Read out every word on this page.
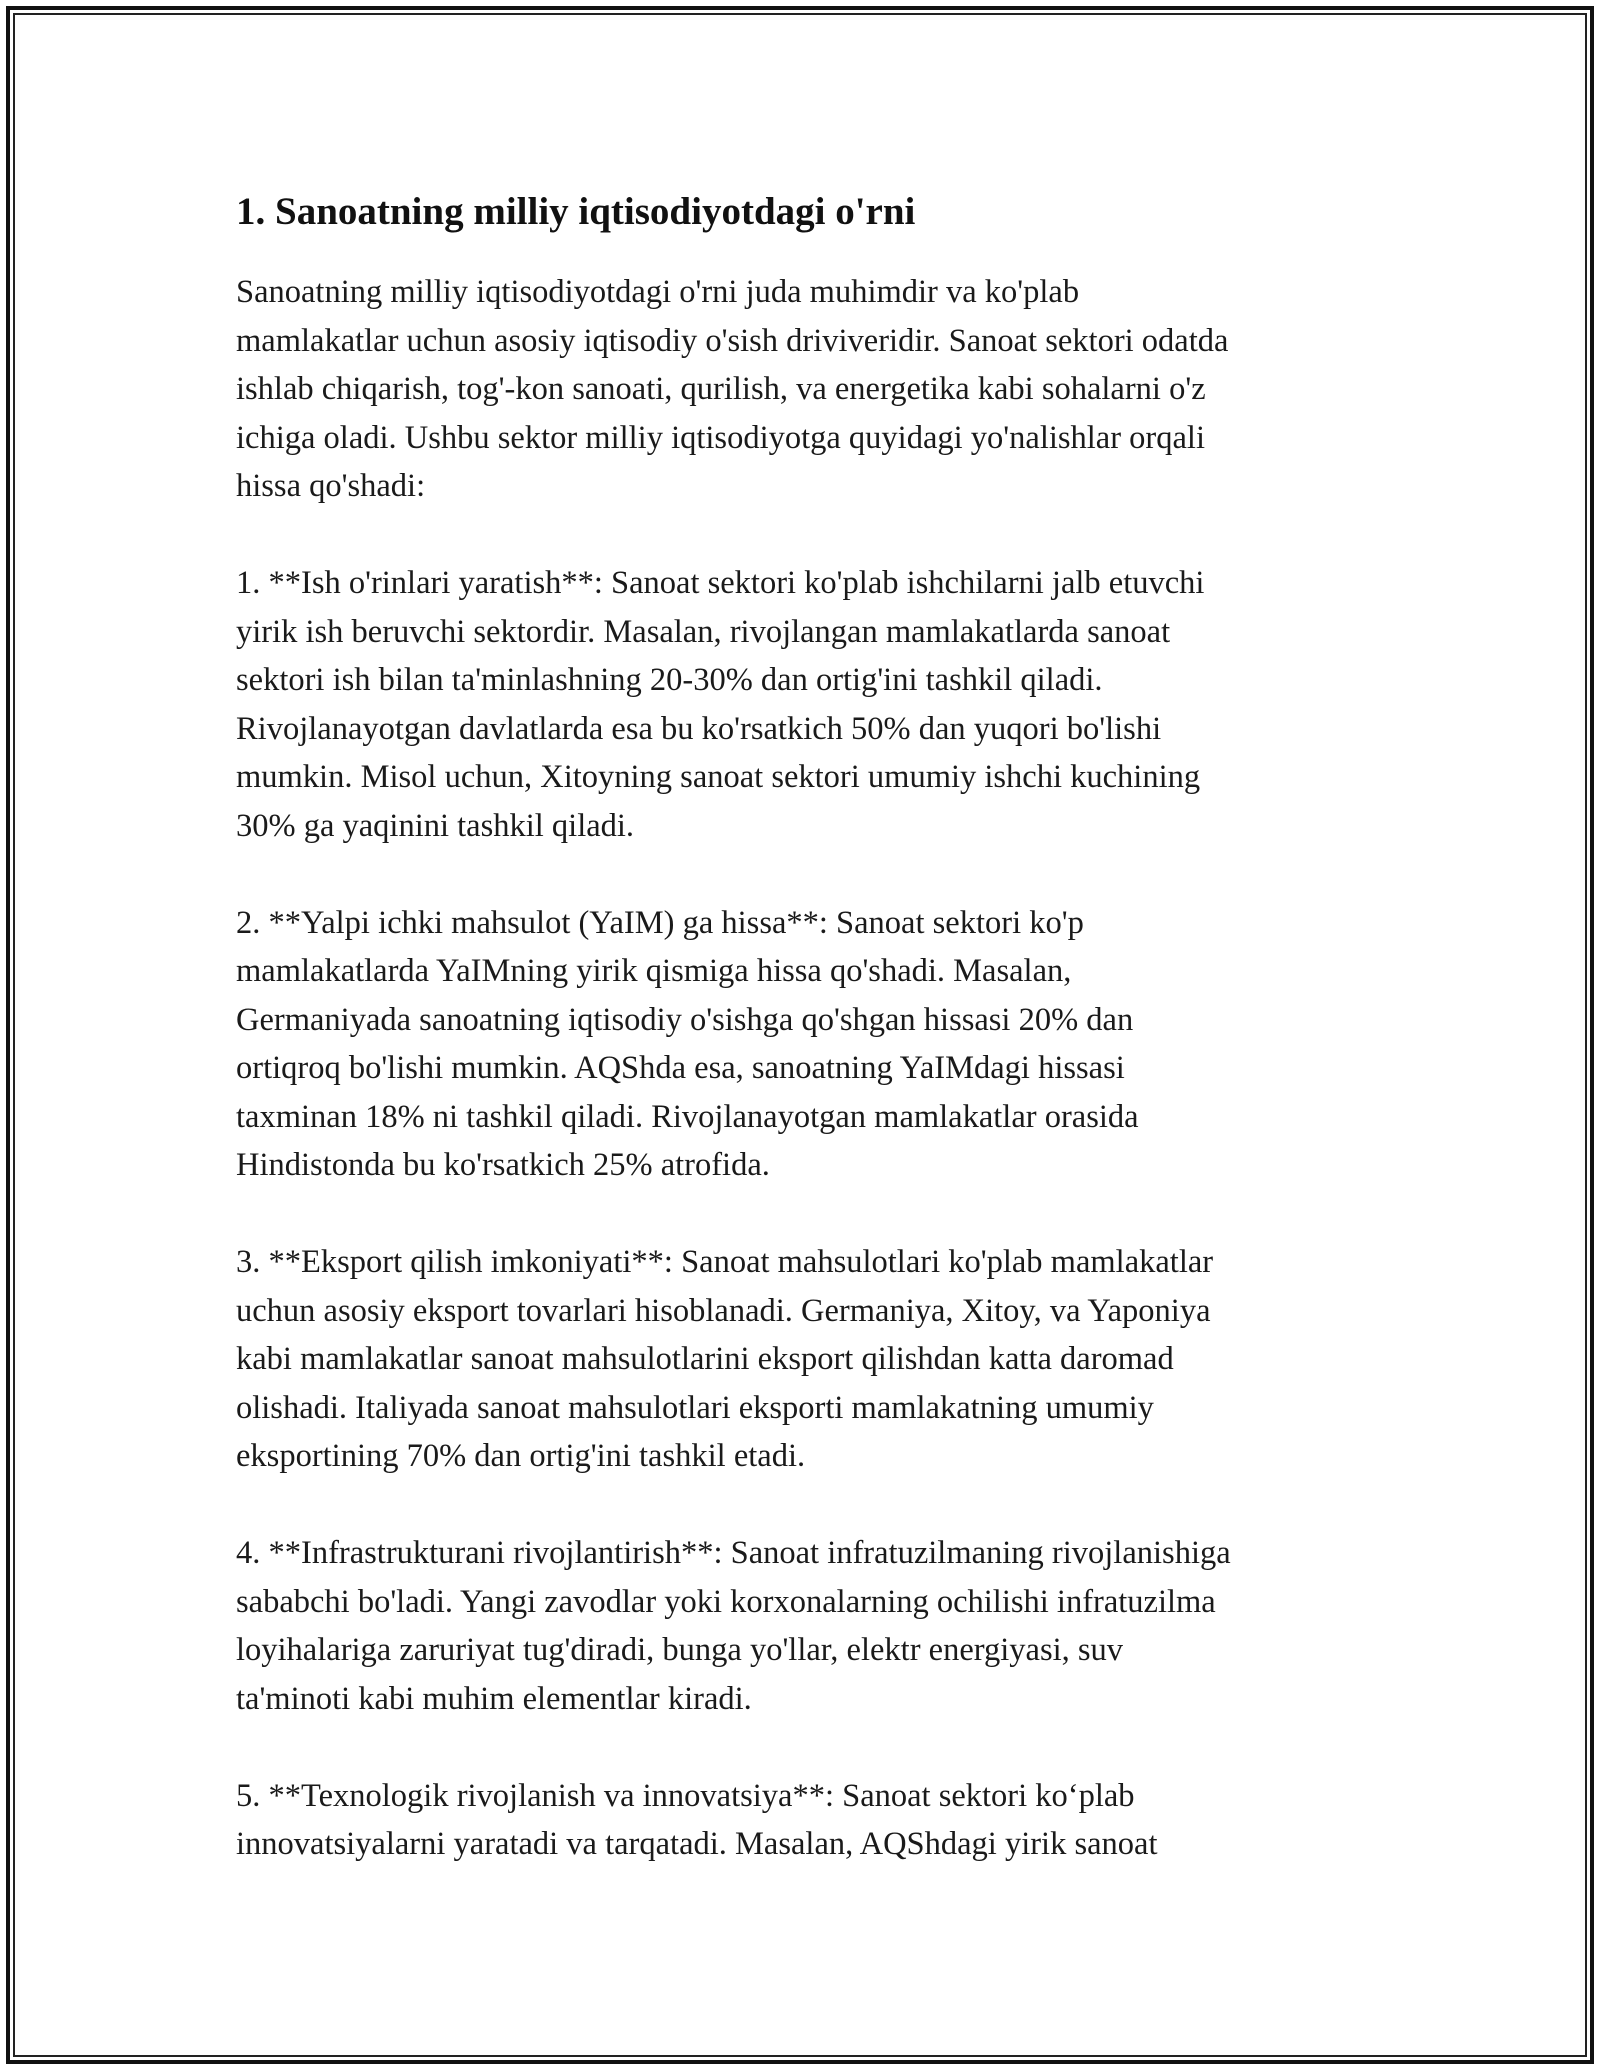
1. Sanoatning milliy iqtisodiyotdagi o'rni

Sanoatning milliy iqtisodiyotdagi o'rni juda muhimdir va ko'plab
mamlakatlar uchun asosiy iqtisodiy o'sish driviveridir. Sanoat sektori odatda
ishlab chiqarish, tog'-kon sanoati, qurilish, va energetika kabi sohalarni o'z
ichiga oladi. Ushbu sektor milliy iqtisodiyotga quyidagi yo'nalishlar orqali
hissa qo'shadi:

1. **Ish o'rinlari yaratish**: Sanoat sektori ko'plab ishchilarni jalb etuvchi
yirik ish beruvchi sektordir. Masalan, rivojlangan mamlakatlarda sanoat
sektori ish bilan ta'minlashning 20-30% dan ortig'ini tashkil qiladi.
Rivojlanayotgan davlatlarda esa bu ko'rsatkich 50% dan yuqori bo'lishi
mumkin. Misol uchun, Xitoyning sanoat sektori umumiy ishchi kuchining
30% ga yaqinini tashkil qiladi.

2. **Yalpi ichki mahsulot (YaIM) ga hissa**: Sanoat sektori ko'p
mamlakatlarda YaIMning yirik qismiga hissa qo'shadi. Masalan,
Germaniyada sanoatning iqtisodiy o'sishga qo'shgan hissasi 20% dan
ortiqroq bo'lishi mumkin. AQShda esa, sanoatning YaIMdagi hissasi
taxminan 18% ni tashkil qiladi. Rivojlanayotgan mamlakatlar orasida
Hindistonda bu ko'rsatkich 25% atrofida.

3. **Eksport qilish imkoniyati**: Sanoat mahsulotlari ko'plab mamlakatlar
uchun asosiy eksport tovarlari hisoblanadi. Germaniya, Xitoy, va Yaponiya
kabi mamlakatlar sanoat mahsulotlarini eksport qilishdan katta daromad
olishadi. Italiyada sanoat mahsulotlari eksporti mamlakatning umumiy
eksportining 70% dan ortig'ini tashkil etadi.

4. **Infrastrukturani rivojlantirish**: Sanoat infratuzilmaning rivojlanishiga
sababchi bo'ladi. Yangi zavodlar yoki korxonalarning ochilishi infratuzilma
loyihalariga zaruriyat tug'diradi, bunga yo'llar, elektr energiyasi, suv
ta'minoti kabi muhim elementlar kiradi.

5. **Texnologik rivojlanish va innovatsiya**: Sanoat sektori ko‘plab
innovatsiyalarni yaratadi va tarqatadi. Masalan, AQShdagi yirik sanoat
